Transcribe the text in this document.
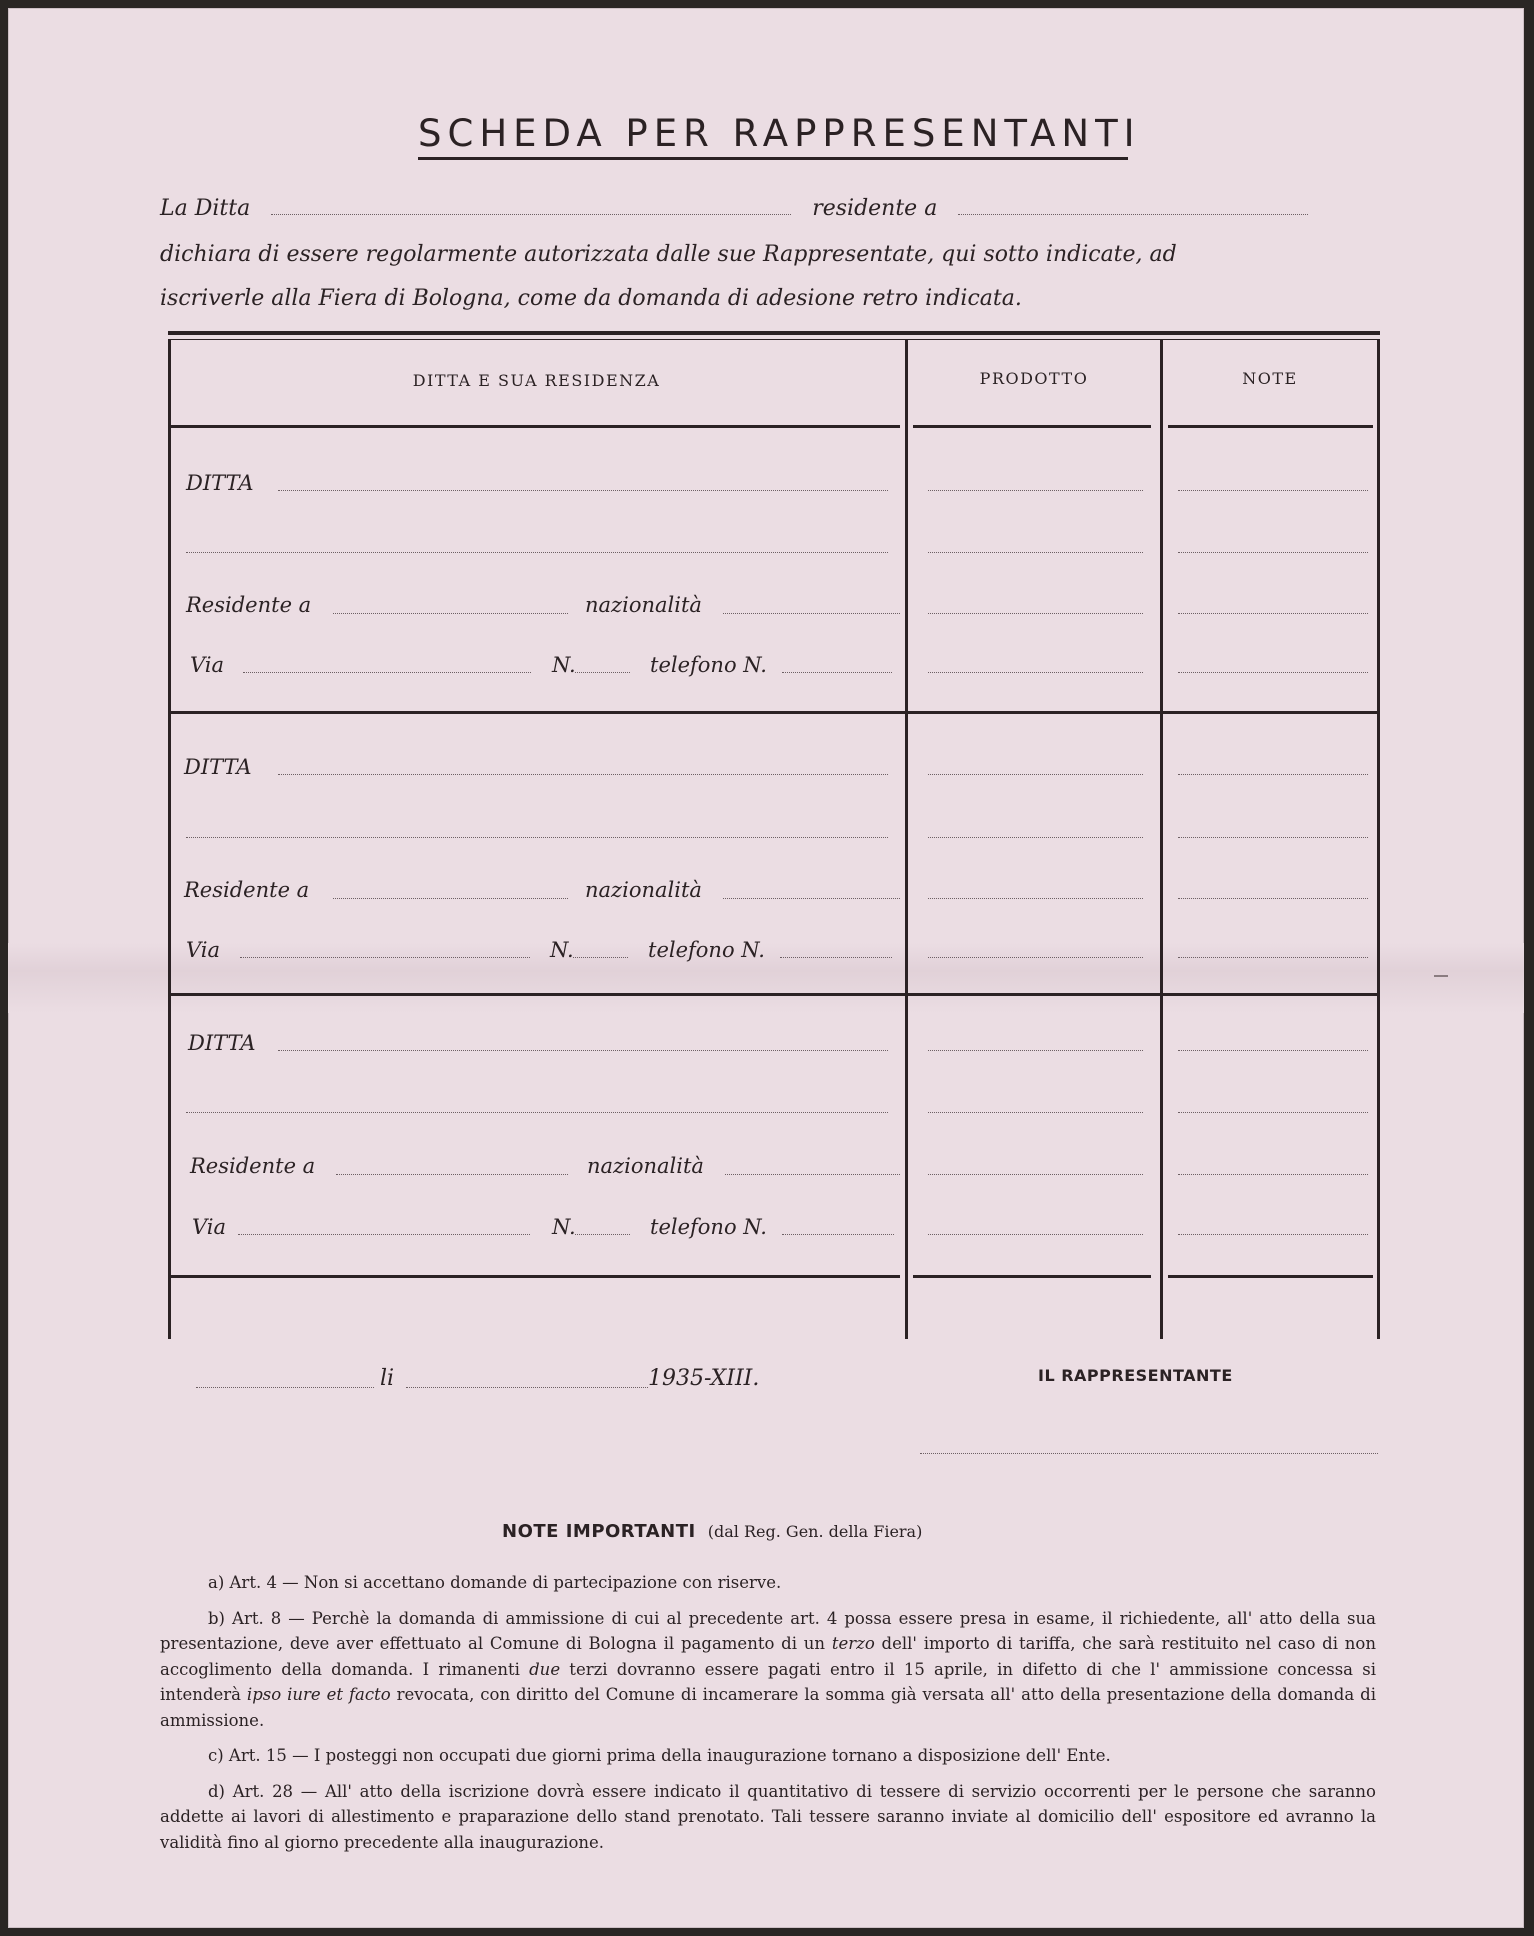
SCHEDA PER RAPPRESENTANTI
La Ditta	residente a
dichiara di essere regolarmente autorizzata dalle sue Rappresentate, qui sotto indicate, ad
iscriverle alla Fiera di Bologna, come da domanda di adesione retro indicata.
DITTA E SUA RESIDENZA	PRODOTTO	NOTE
DITTA
Residente a	nazionalità
Via	N.	telefono N.
DITTA
Residente a	nazionalità
Via	N.	telefono N.
DITTA
Residente a	nazionalità
Via	N.	telefono N.
li	1935-XIII.	IL RAPPRESENTANTE
NOTE IMPORTANTI (dal Reg. Gen. della Fiera)

a) Art. 4 — Non si accettano domande di partecipazione con riserve.

b) Art. 8 — Perchè la domanda di ammissione di cui al precedente art. 4 possa essere presa in esame, il richiedente, all' atto della sua presentazione, deve aver effettuato al Comune di Bologna il pagamento di un terzo dell' importo di tariffa, che sarà restituito nel caso di non accoglimento della domanda. I rimanenti due terzi dovranno essere pagati entro il 15 aprile, in difetto di che l' ammissione concessa si intenderà ipso iure et facto revocata, con diritto del Comune di incamerare la somma già versata all' atto della presentazione della domanda di ammissione.

c) Art. 15 — I posteggi non occupati due giorni prima della inaugurazione tornano a disposizione dell' Ente.

d) Art. 28 — All' atto della iscrizione dovrà essere indicato il quantitativo di tessere di servizio occorrenti per le persone che saranno addette ai lavori di allestimento e praparazione dello stand prenotato. Tali tessere saranno inviate al domicilio dell' espositore ed avranno la validità fino al giorno precedente alla inaugurazione.
